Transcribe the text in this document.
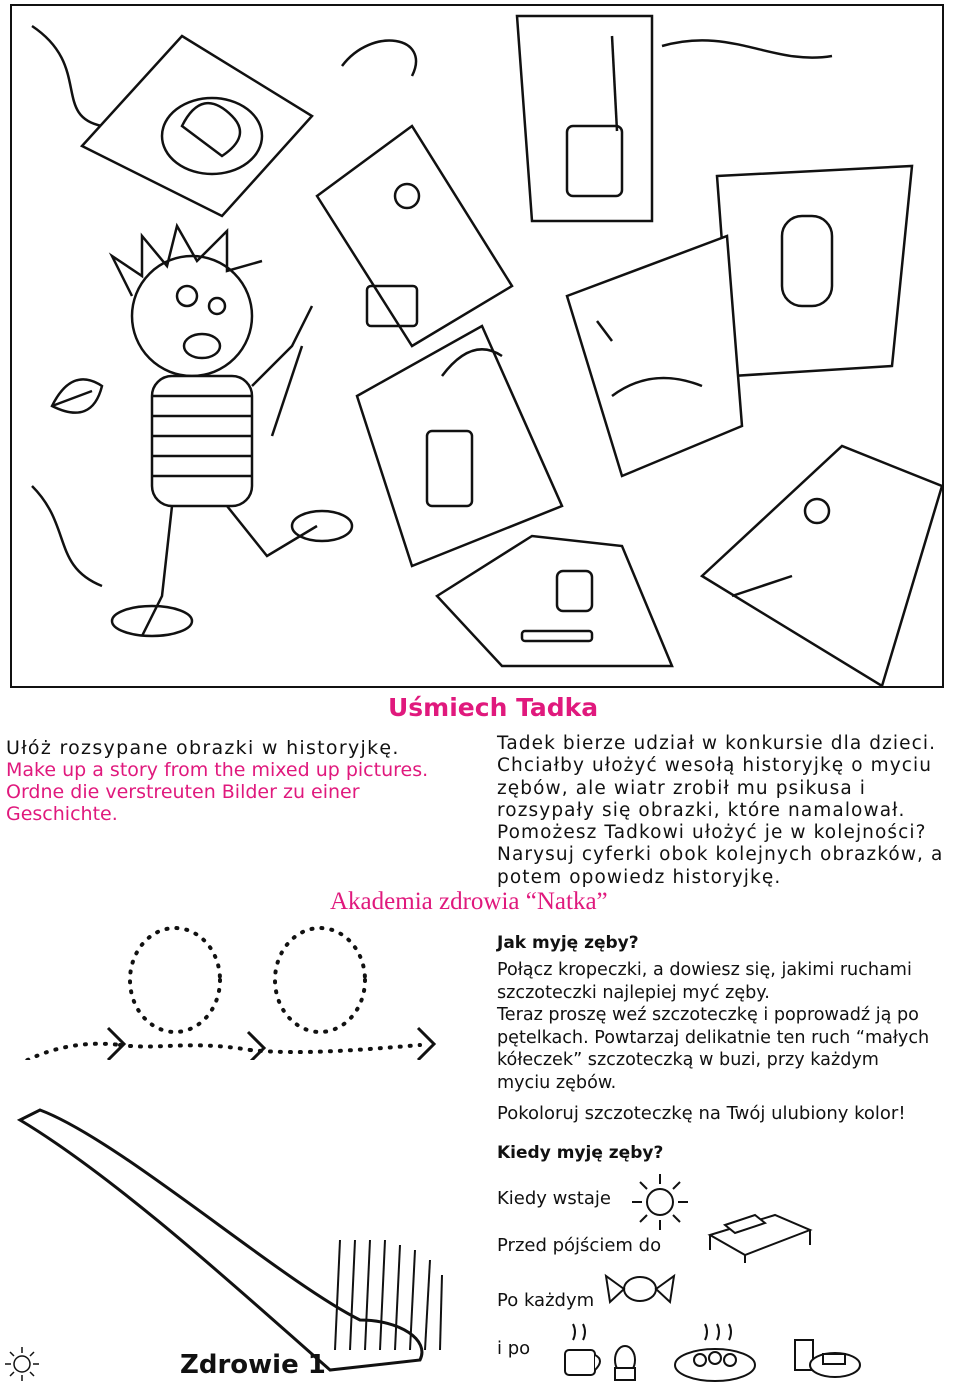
Uśmiech Tadka
Ułóż rozsypane obrazki w historyjkę.
Make up a story from the mixed up pictures.
Ordne die verstreuten Bilder zu einer
Geschichte.
Tadek bierze udział w konkursie dla dzieci.
Chciałby ułożyć wesołą historyjkę o myciu
zębów, ale wiatr zrobił mu psikusa i
rozsypały się obrazki, które namalował.
Pomożesz Tadkowi ułożyć je w kolejności?
Narysuj cyferki obok kolejnych obrazków, a
potem opowiedz historyjkę.
Akademia zdrowia “Natka”
Jak myję zęby?
Połącz kropeczki, a dowiesz się, jakimi ruchami
szczoteczki najlepiej myć zęby.
Teraz proszę weź szczoteczkę i poprowadź ją po
pętelkach. Powtarzaj delikatnie ten ruch “małych
kółeczek” szczoteczką w buzi, przy każdym
myciu zębów.
Pokoloruj szczoteczkę na Twój ulubiony kolor!
Kiedy myję zęby?
Kiedy wstaje
Przed pójściem do
Po każdym
i po
Zdrowie 1
